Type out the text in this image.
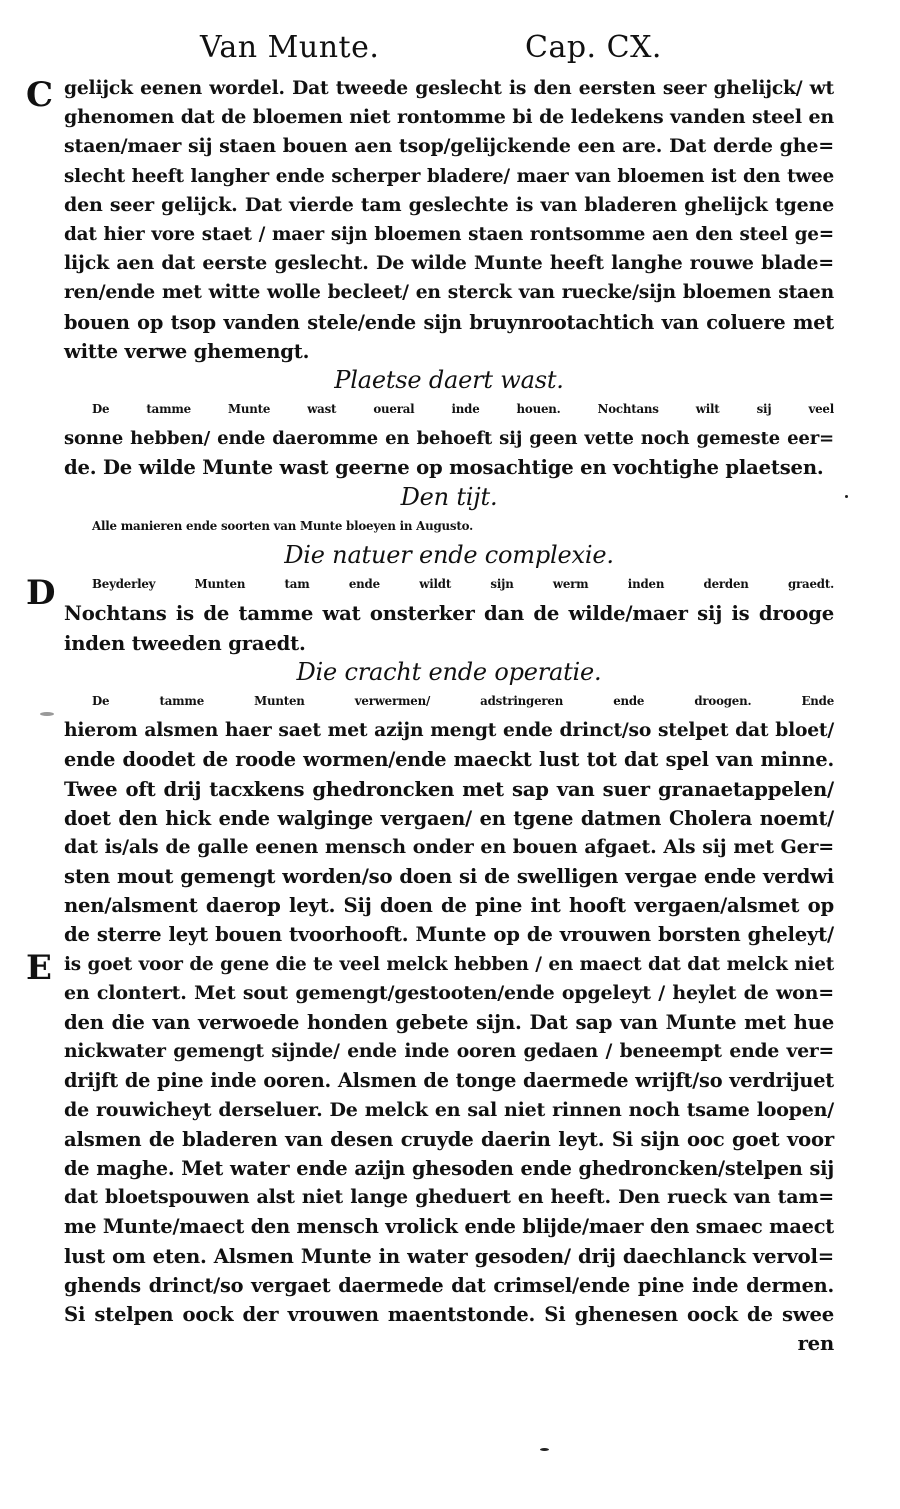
Van Munte.	Cap. CX.
C
D
E
gelijck eenen wordel. Dat tweede geslecht is den eersten seer ghelijck/ wt
ghenomen dat de bloemen niet rontomme bi de ledekens vanden steel en
staen/maer sij staen bouen aen tsop/gelijckende een are. Dat derde ghe=
slecht heeft langher ende scherper bladere/ maer van bloemen ist den twee
den seer gelijck. Dat vierde tam geslechte is van bladeren ghelijck tgene
dat hier vore staet / maer sijn bloemen staen rontsomme aen den steel ge=
lijck aen dat eerste geslecht. De wilde Munte heeft langhe rouwe blade=
ren/ende met witte wolle becleet/ en sterck van ruecke/sijn bloemen staen
bouen op tsop vanden stele/ende sijn bruynrootachtich van coluere met
witte verwe ghemengt.
Plaetse daert wast.
De tamme Munte wast oueral inde houen. Nochtans wilt sij veel
sonne hebben/ ende daeromme en behoeft sij geen vette noch gemeste eer=
de. De wilde Munte wast geerne op mosachtige en vochtighe plaetsen.
Den tijt.
Alle manieren ende soorten van Munte bloeyen in Augusto.
Die natuer ende complexie.
Beyderley Munten tam ende wildt sijn werm inden derden graedt.
Nochtans is de tamme wat onsterker dan de wilde/maer sij is drooge
inden tweeden graedt.
Die cracht ende operatie.
De tamme Munten verwermen/ adstringeren ende droogen. Ende
hierom alsmen haer saet met azijn mengt ende drinct/so stelpet dat bloet/
ende doodet de roode wormen/ende maeckt lust tot dat spel van minne.
Twee oft drij tacxkens ghedroncken met sap van suer granaetappelen/
doet den hick ende walginge vergaen/ en tgene datmen Cholera noemt/
dat is/als de galle eenen mensch onder en bouen afgaet. Als sij met Ger=
sten mout gemengt worden/so doen si de swelligen vergae ende verdwi
nen/alsment daerop leyt. Sij doen de pine int hooft vergaen/alsmet op
de sterre leyt bouen tvoorhooft. Munte op de vrouwen borsten gheleyt/
is goet voor de gene die te veel melck hebben / en maect dat dat melck niet
en clontert. Met sout gemengt/gestooten/ende opgeleyt / heylet de won=
den die van verwoede honden gebete sijn. Dat sap van Munte met hue
nickwater gemengt sijnde/ ende inde ooren gedaen / beneempt ende ver=
drijft de pine inde ooren. Alsmen de tonge daermede wrijft/so verdrijuet
de rouwicheyt derseluer. De melck en sal niet rinnen noch tsame loopen/
alsmen de bladeren van desen cruyde daerin leyt. Si sijn ooc goet voor
de maghe. Met water ende azijn ghesoden ende ghedroncken/stelpen sij
dat bloetspouwen alst niet lange gheduert en heeft. Den rueck van tam=
me Munte/maect den mensch vrolick ende blijde/maer den smaec maect
lust om eten. Alsmen Munte in water gesoden/ drij daechlanck vervol=
ghends drinct/so vergaet daermede dat crimsel/ende pine inde dermen.
Si stelpen oock der vrouwen maentstonde. Si ghenesen oock de swee
ren
